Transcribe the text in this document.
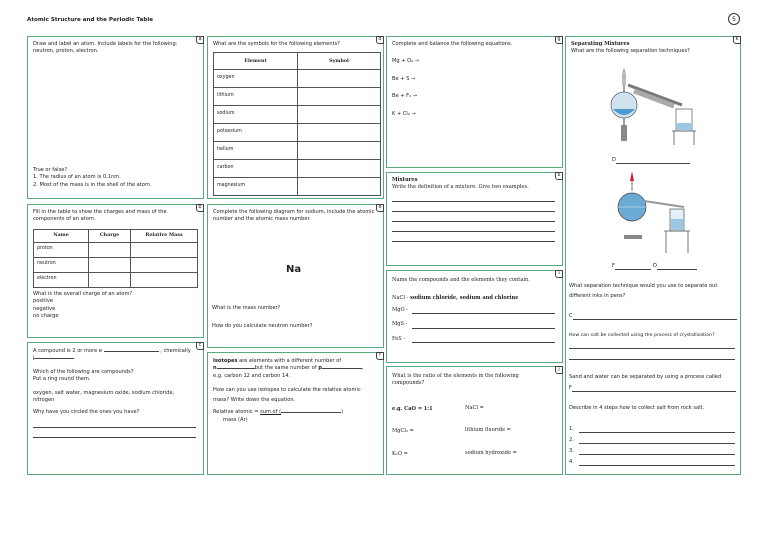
Atomic Structure and the Periodic Table	5
a
Draw and label an atom. Include labels for the following: neutron, proton, electron.
True or false?
1. The radius of an atom is 0.1nm.
2. Most of the mass is in the shell of the atom.
b
Fill in the table to show the charges and mass of the components of an atom.
Name	Charge	Relative Mass
proton		
neutron		
electron		
What is the overall charge of an atom?
positive
negative
no charge
c
A compound is 2 or more e	, chemically
j	.
Which of the following are compounds?
Put a ring round them.
oxygen, salt water, magnesium oxide, sodium chloride, nitrogen
Why have you circled the ones you have?
d
What are the symbols for the following elements?
Element	Symbol
oxygen	
lithium	
sodium	
potassium	
helium	
carbon	
magnesium	
e
Complete the following diagram for sodium, include the atomic number and the atomic mass number.
Na
What is the mass number?
How do you calculate neutron number?
f
Isotopes are elements with a different number of
n	but the same number of p	,
e.g. carbon 12 and carbon 14.
How can you use isotopes to calculate the relative atomic mass? Write down the equation.
Relative atomic = sum of (	)
mass (Ar)
g
Complete and balance the following equations.
Mg + O₂ →
Be + S →
Be + F₂ →
K + Cl₂ →
h
Mixtures
Write the definition of a mixture. Give two examples.
i
Name the compounds and the elements they contain.
NaCl - sodium chloride, sodium and chlorine
MgO -
MgS -
FeS -
j
What is the ratio of the elements in the following compounds?
e.g. CaO = 1:1	NaCl =
MgCl₂ =	lithium fluoride =
K₂O =	sodium hydroxide =
k
Separating Mixtures
What are the following separation techniques?
D
F	D
What separation technique would you use to separate out different inks in pens?
C
How can salt be collected using the process of crystallisation?
Sand and water can be separated by using a process called
F
Describe in 4 steps how to collect salt from rock salt.
1.
2.
3.
4.
